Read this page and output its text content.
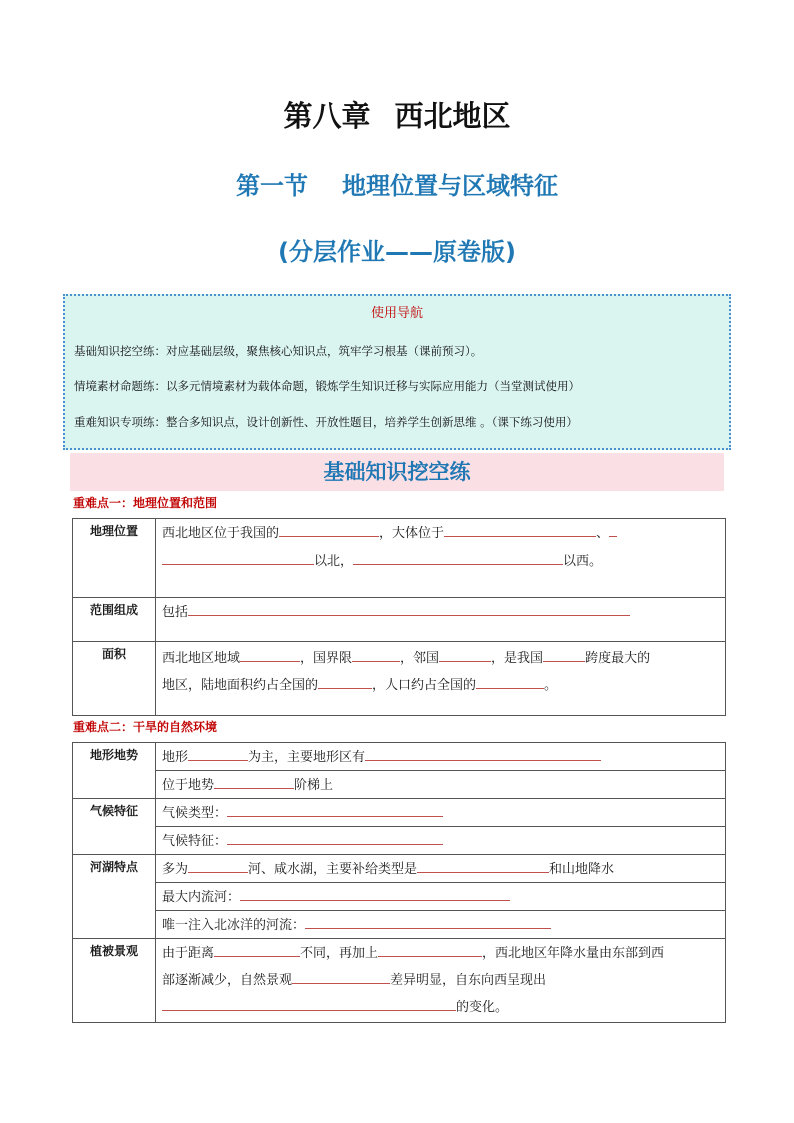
第八章 西北地区
第一节 地理位置与区域特征
(分层作业——原卷版)
使用导航
基础知识挖空练：对应基础层级，聚焦核心知识点，筑牢学习根基（课前预习）。
情境素材命题练：以多元情境素材为载体命题，锻炼学生知识迁移与实际应用能力（当堂测试使用）
重难知识专项练：整合多知识点，设计创新性、开放性题目，培养学生创新思维 。（课下练习使用）
基础知识挖空练
重难点一：地理位置和范围
地理位置	西北地区位于我国的 ，大体位于 、
以北， 以西。

范围组成	包括

面积	西北地区地域 ，国界限 ，邻国 ，是我国 跨度最大的
地区，陆地面积约占全国的 ，人口约占全国的 。
重难点二：干旱的自然环境
地形地势	地形 为主，主要地形区有

	位于地势 阶梯上

气候特征	气候类型：

	气候特征：

河湖特点	多为 河、咸水湖，主要补给类型是 和山地降水

	最大内流河：

	唯一注入北冰洋的河流：

植被景观	由于距离 不同，再加上 ，西北地区年降水量由东部到西
部逐渐减少，自然景观 差异明显，自东向西呈现出
的变化。
